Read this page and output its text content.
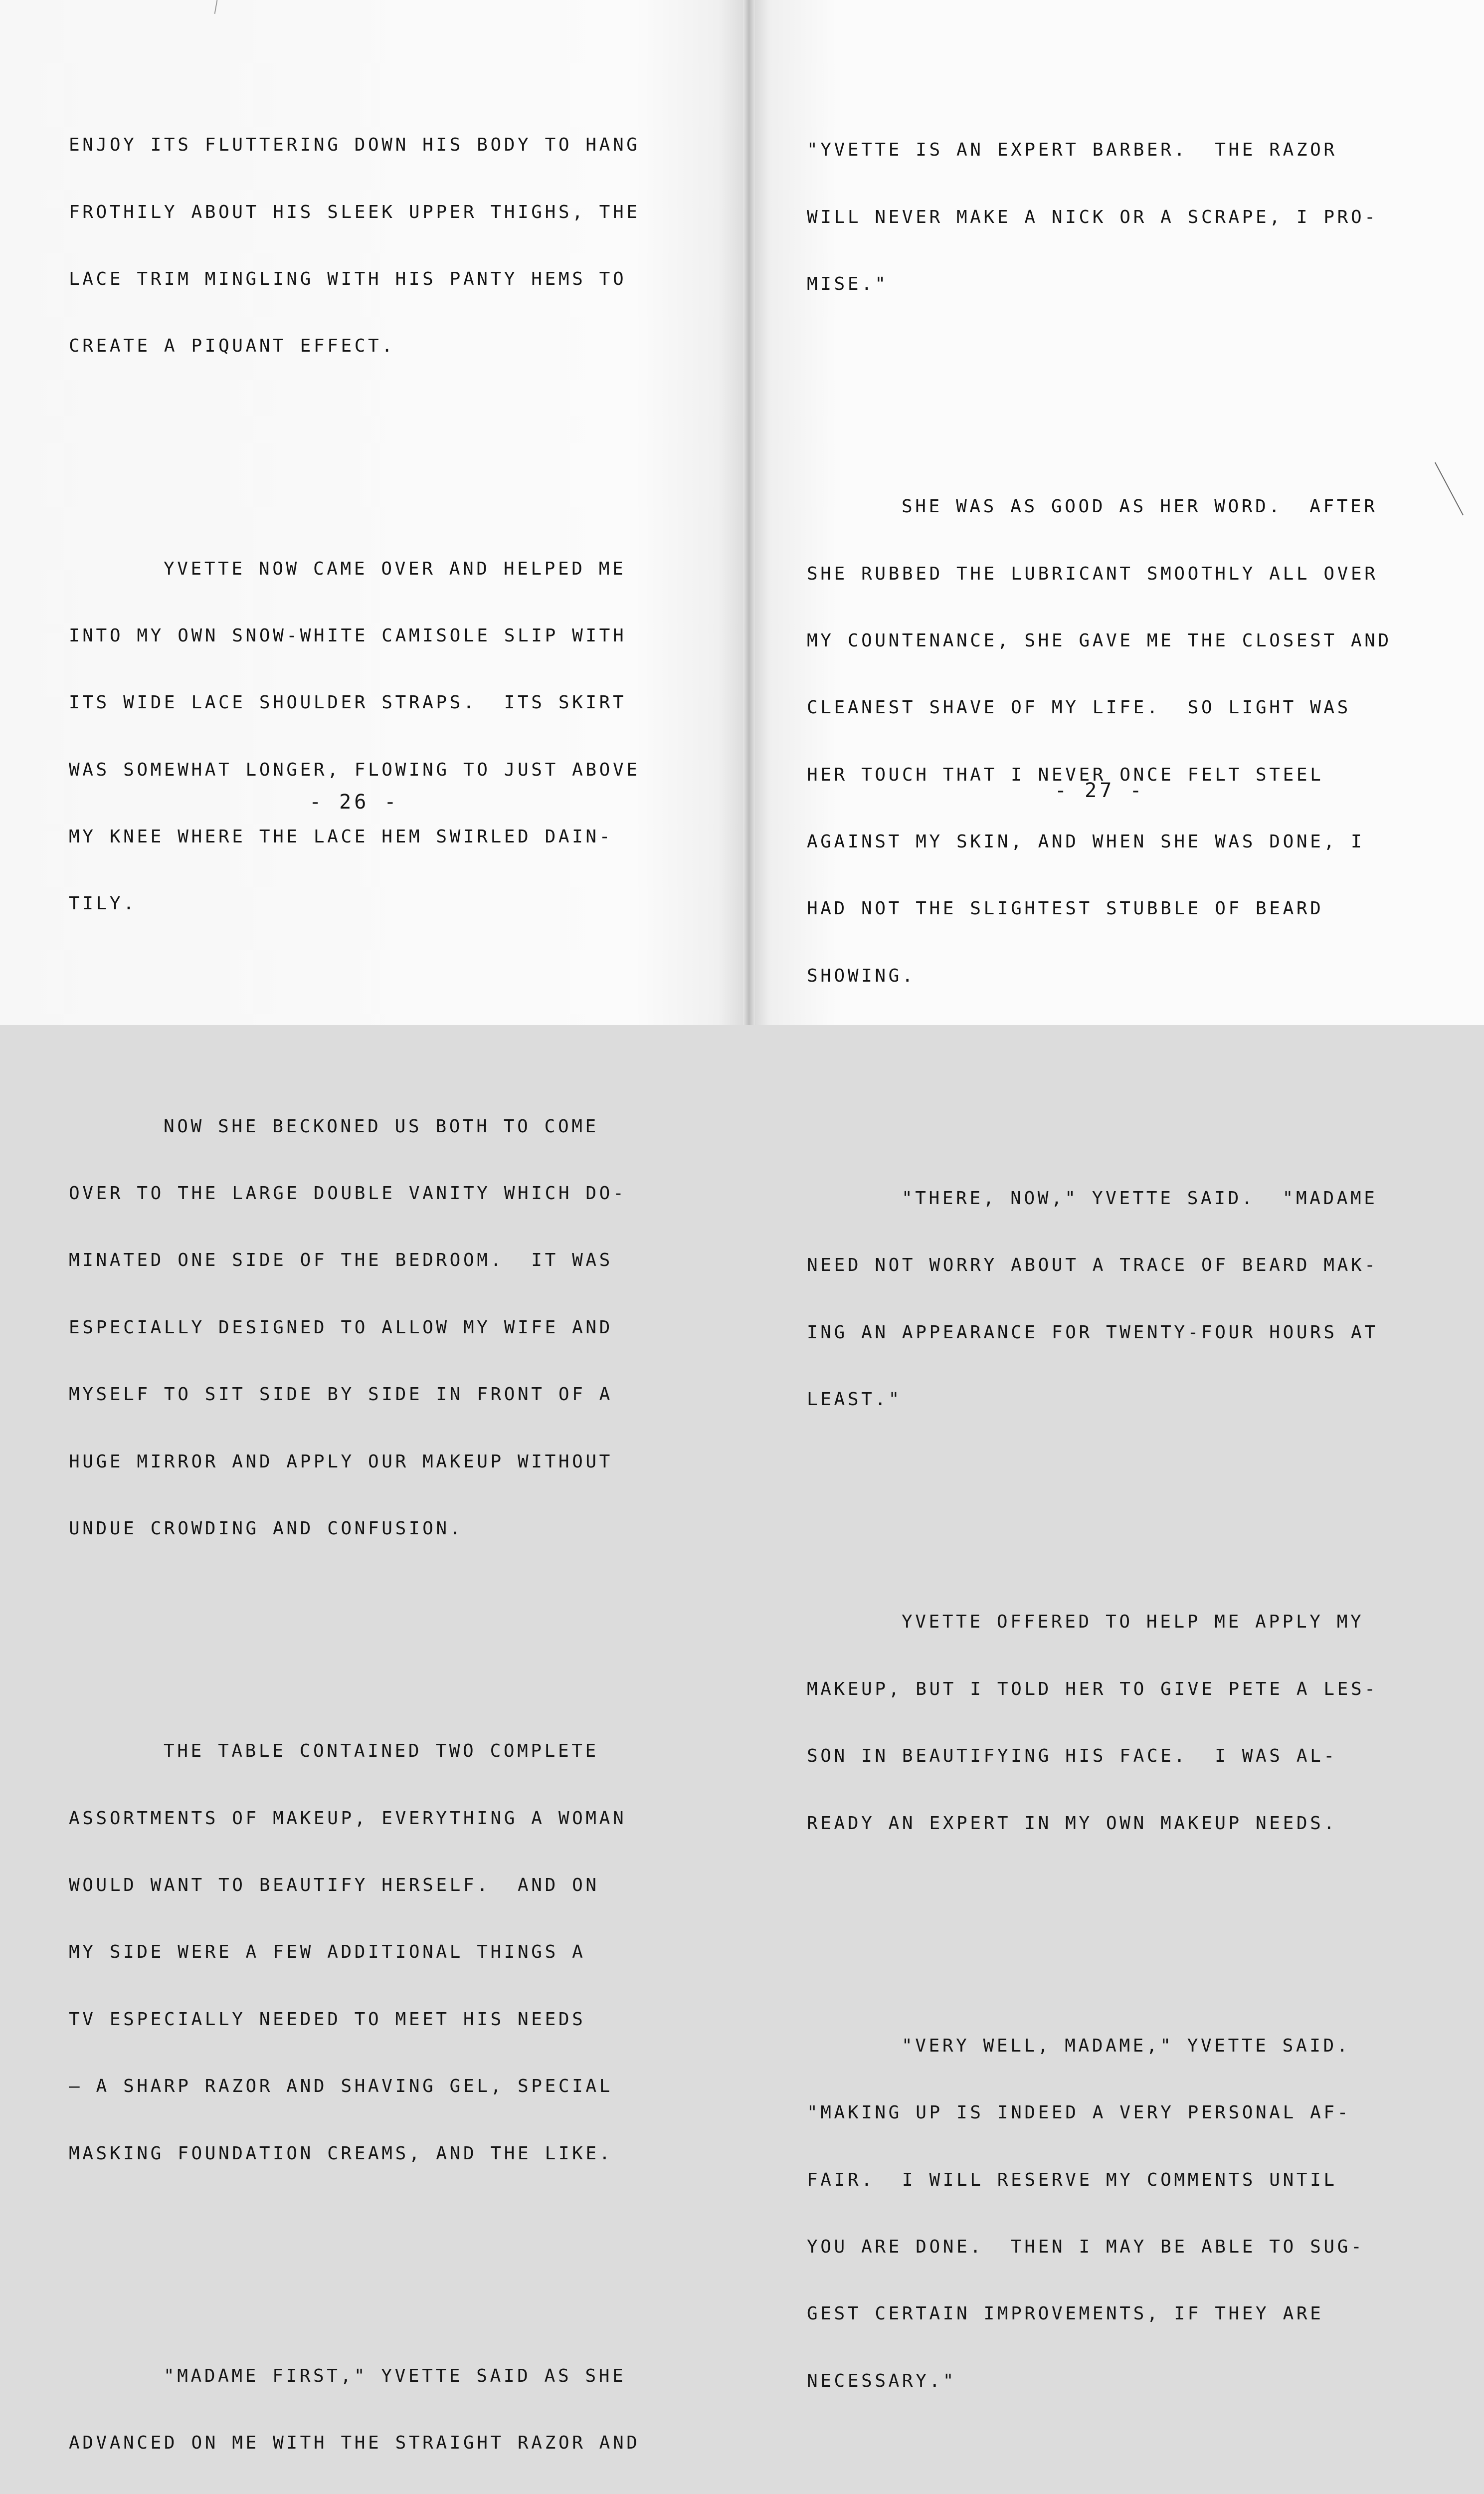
ENJOY ITS FLUTTERING DOWN HIS BODY TO HANG

FROTHILY ABOUT HIS SLEEK UPPER THIGHS, THE

LACE TRIM MINGLING WITH HIS PANTY HEMS TO

CREATE A PIQUANT EFFECT.

YVETTE NOW CAME OVER AND HELPED ME

INTO MY OWN SNOW-WHITE CAMISOLE SLIP WITH

ITS WIDE LACE SHOULDER STRAPS.  ITS SKIRT

WAS SOMEWHAT LONGER, FLOWING TO JUST ABOVE

MY KNEE WHERE THE LACE HEM SWIRLED DAIN-

TILY.

NOW SHE BECKONED US BOTH TO COME

OVER TO THE LARGE DOUBLE VANITY WHICH DO-

MINATED ONE SIDE OF THE BEDROOM.  IT WAS

ESPECIALLY DESIGNED TO ALLOW MY WIFE AND

MYSELF TO SIT SIDE BY SIDE IN FRONT OF A

HUGE MIRROR AND APPLY OUR MAKEUP WITHOUT

UNDUE CROWDING AND CONFUSION.

THE TABLE CONTAINED TWO COMPLETE

ASSORTMENTS OF MAKEUP, EVERYTHING A WOMAN

WOULD WANT TO BEAUTIFY HERSELF.  AND ON

MY SIDE WERE A FEW ADDITIONAL THINGS A

TV ESPECIALLY NEEDED TO MEET HIS NEEDS

— A SHARP RAZOR AND SHAVING GEL, SPECIAL

MASKING FOUNDATION CREAMS, AND THE LIKE.

"MADAME FIRST," YVETTE SAID AS SHE

ADVANCED ON ME WITH THE STRAIGHT RAZOR AND

- 26 -

"YVETTE IS AN EXPERT BARBER.  THE RAZOR

WILL NEVER MAKE A NICK OR A SCRAPE, I PRO-

MISE."

SHE WAS AS GOOD AS HER WORD.  AFTER

SHE RUBBED THE LUBRICANT SMOOTHLY ALL OVER

MY COUNTENANCE, SHE GAVE ME THE CLOSEST AND

CLEANEST SHAVE OF MY LIFE.  SO LIGHT WAS

HER TOUCH THAT I NEVER ONCE FELT STEEL

AGAINST MY SKIN, AND WHEN SHE WAS DONE, I

HAD NOT THE SLIGHTEST STUBBLE OF BEARD

SHOWING.

"THERE, NOW," YVETTE SAID.  "MADAME

NEED NOT WORRY ABOUT A TRACE OF BEARD MAK-

ING AN APPEARANCE FOR TWENTY-FOUR HOURS AT

LEAST."

YVETTE OFFERED TO HELP ME APPLY MY

MAKEUP, BUT I TOLD HER TO GIVE PETE A LES-

SON IN BEAUTIFYING HIS FACE.  I WAS AL-

READY AN EXPERT IN MY OWN MAKEUP NEEDS.

"VERY WELL, MADAME," YVETTE SAID.

"MAKING UP IS INDEED A VERY PERSONAL AF-

FAIR.  I WILL RESERVE MY COMMENTS UNTIL

YOU ARE DONE.  THEN I MAY BE ABLE TO SUG-

GEST CERTAIN IMPROVEMENTS, IF THEY ARE

NECESSARY."

- 27 -
